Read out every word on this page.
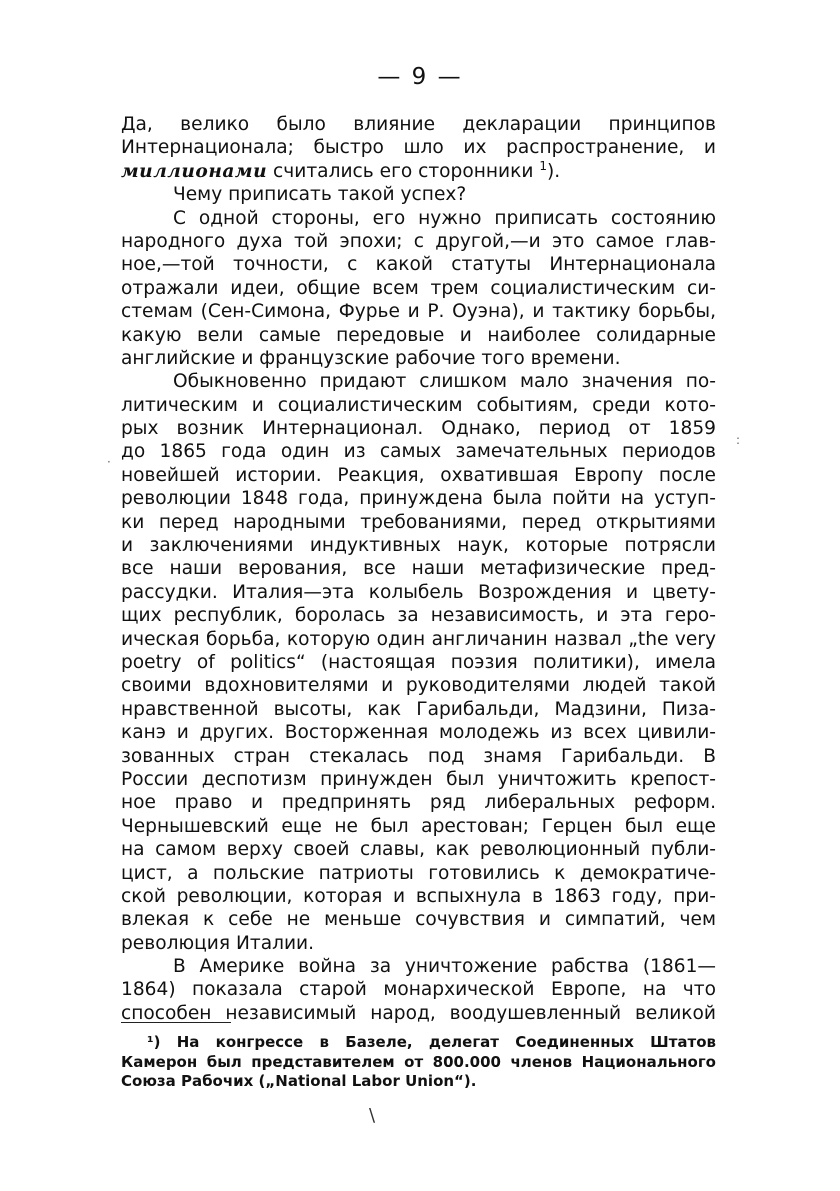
— 9 —
:
·
Да, велико было влияние декларации принципов
Интернационала; быстро шло их распространение, и
миллионами считались его сторонники $^1$).
Чему приписать такой успех?
С одной стороны, его нужно приписать состоянию
народного духа той эпохи; с другой,—и это самое глав-
ное,—той точности, с какой статуты Интернационала
отражали идеи, общие всем трем социалистическим си-
стемам (Сен-Симона, Фурье и Р. Оуэна), и тактику борьбы,
какую вели самые передовые и наиболее солидарные
английские и французские рабочие того времени.
Обыкновенно придают слишком мало значения по-
литическим и социалистическим событиям, среди кото-
рых возник Интернационал. Однако, период от 1859
до 1865 года один из самых замечательных периодов
новейшей истории. Реакция, охватившая Европу после
революции 1848 года, принуждена была пойти на уступ-
ки перед народными требованиями, перед открытиями
и заключениями индуктивных наук, которые потрясли
все наши верования, все наши метафизические пред-
рассудки. Италия—эта колыбель Возрождения и цвету-
щих республик, боролась за независимость, и эта геро-
ическая борьба, которую один англичанин назвал „the very
poetry of politics“ (настоящая поэзия политики), имела
своими вдохновителями и руководителями людей такой
нравственной высоты, как Гарибальди, Мадзини, Пиза-
канэ и других. Восторженная молодежь из всех цивили-
зованных стран стекалась под знамя Гарибальди. В
России деспотизм принужден был уничтожить крепост-
ное право и предпринять ряд либеральных реформ.
Чернышевский еще не был арестован; Герцен был еще
на самом верху своей славы, как революционный публи-
цист, а польские патриоты готовились к демократиче-
ской революции, которая и вспыхнула в 1863 году, при-
влекая к себе не меньше сочувствия и симпатий, чем
революция Италии.
В Америке война за уничтожение рабства (1861—
1864) показала старой монархической Европе, на что
способен независимый народ, воодушевленный великой
¹) На конгрессе в Базеле, делегат Соединенных Штатов
Камерон был представителем от 800.000 членов Национального
Союза Рабочих („National Labor Union“).
\
